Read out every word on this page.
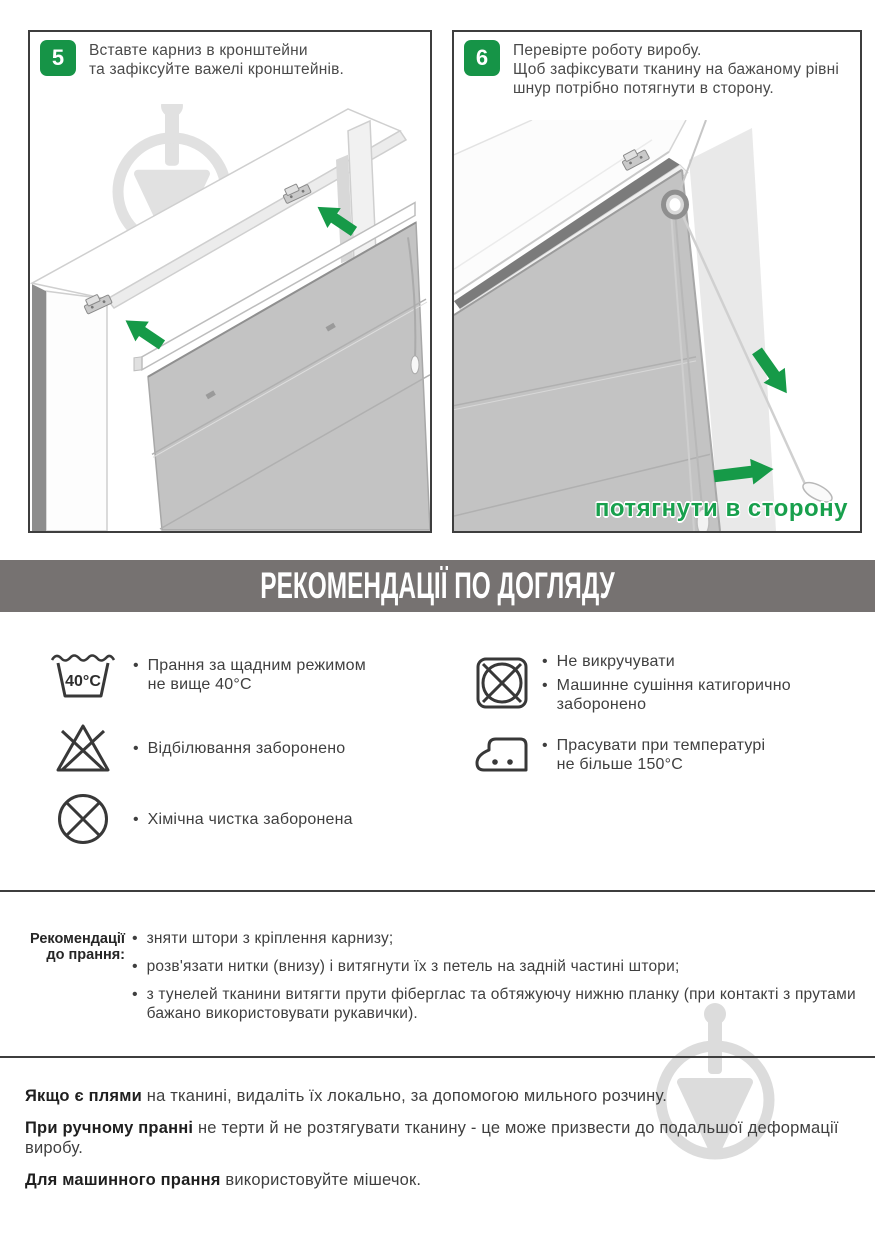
5	Вставте карниз в кронштейни
та зафіксуйте важелі кронштейнів.	6	Перевірте роботу виробу.
Щоб зафіксувати тканину на бажаному рівні
шнур потрібно потягнути в сторону.
потягнути в сторону
РЕКОМЕНДАЦІЇ ПО ДОГЛЯДУ
40°C
•
Прання за щадним режимом
не вище 40°С
•
Відбілювання заборонено
•
Хімічна чистка заборонена
•
Не викручувати
•
Машинне сушіння катигорично
заборонено
•
Прасувати при температурі
не більше 150°С
Рекомендації
до прання:
•
зняти штори з кріплення карнизу;
•
розв'язати нитки (внизу) і витягнути їх з петель на задній частині штори;
•
з тунелей тканини витягти прути фіберглас та обтяжуючу нижню планку (при контакті з прутами
бажано використовувати рукавички).
Якщо є плями на тканині, видаліть їх локально, за допомогою мильного розчину.
При ручному пранні не терти й не розтягувати тканину - це може призвести до подальшої деформації виробу.
Для машинного прання використовуйте мішечок.
